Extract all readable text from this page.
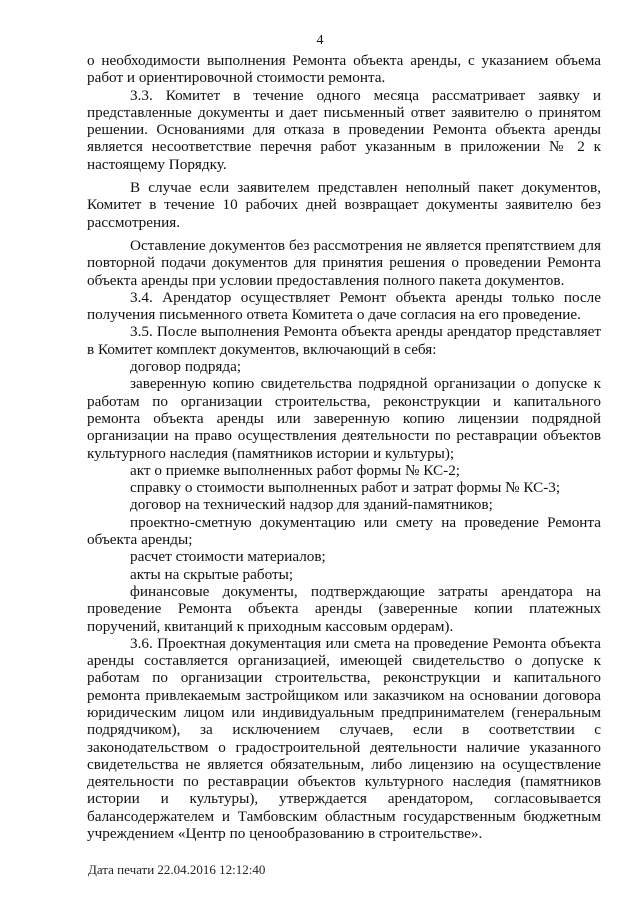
4

о необходимости выполнения Ремонта объекта аренды, с указанием объема работ и ориентировочной стоимости ремонта.

3.3. Комитет в течение одного месяца рассматривает заявку и представленные документы и дает письменный ответ заявителю о принятом решении. Основаниями для отказа в проведении Ремонта объекта аренды является несоответствие перечня работ указанным в приложении № 2 к настоящему Порядку.

В случае если заявителем представлен неполный пакет документов, Комитет в течение 10 рабочих дней возвращает документы заявителю без рассмотрения.

Оставление документов без рассмотрения не является препятствием для повторной подачи документов для принятия решения о проведении Ремонта объекта аренды при условии предоставления полного пакета документов.

3.4. Арендатор осуществляет Ремонт объекта аренды только после получения письменного ответа Комитета о даче согласия на его проведение.

3.5. После выполнения Ремонта объекта аренды арендатор представляет в Комитет комплект документов, включающий в себя:

договор подряда;

заверенную копию свидетельства подрядной организации о допуске к работам по организации строительства, реконструкции и капитального ремонта объекта аренды или заверенную копию лицензии подрядной организации на право осуществления деятельности по реставрации объектов культурного наследия (памятников истории и культуры);

акт о приемке выполненных работ формы № КС-2;

справку о стоимости выполненных работ и затрат формы № КС-3;

договор на технический надзор для зданий-памятников;

проектно-сметную документацию или смету на проведение Ремонта объекта аренды;

расчет стоимости материалов;

акты на скрытые работы;

финансовые документы, подтверждающие затраты арендатора на проведение Ремонта объекта аренды (заверенные копии платежных поручений, квитанций к приходным кассовым ордерам).

3.6. Проектная документация или смета на проведение Ремонта объекта аренды составляется организацией, имеющей свидетельство о допуске к работам по организации строительства, реконструкции и капитального ремонта привлекаемым застройщиком или заказчиком на основании договора юридическим лицом или индивидуальным предпринимателем (генеральным подрядчиком), за исключением случаев, если в соответствии с законодательством о градостроительной деятельности наличие указанного свидетельства не является обязательным, либо лицензию на осуществление деятельности по реставрации объектов культурного наследия (памятников истории и культуры), утверждается арендатором, согласовывается балансодержателем и Тамбовским областным государственным бюджетным учреждением «Центр по ценообразованию в строительстве».

Дата печати 22.04.2016 12:12:40
